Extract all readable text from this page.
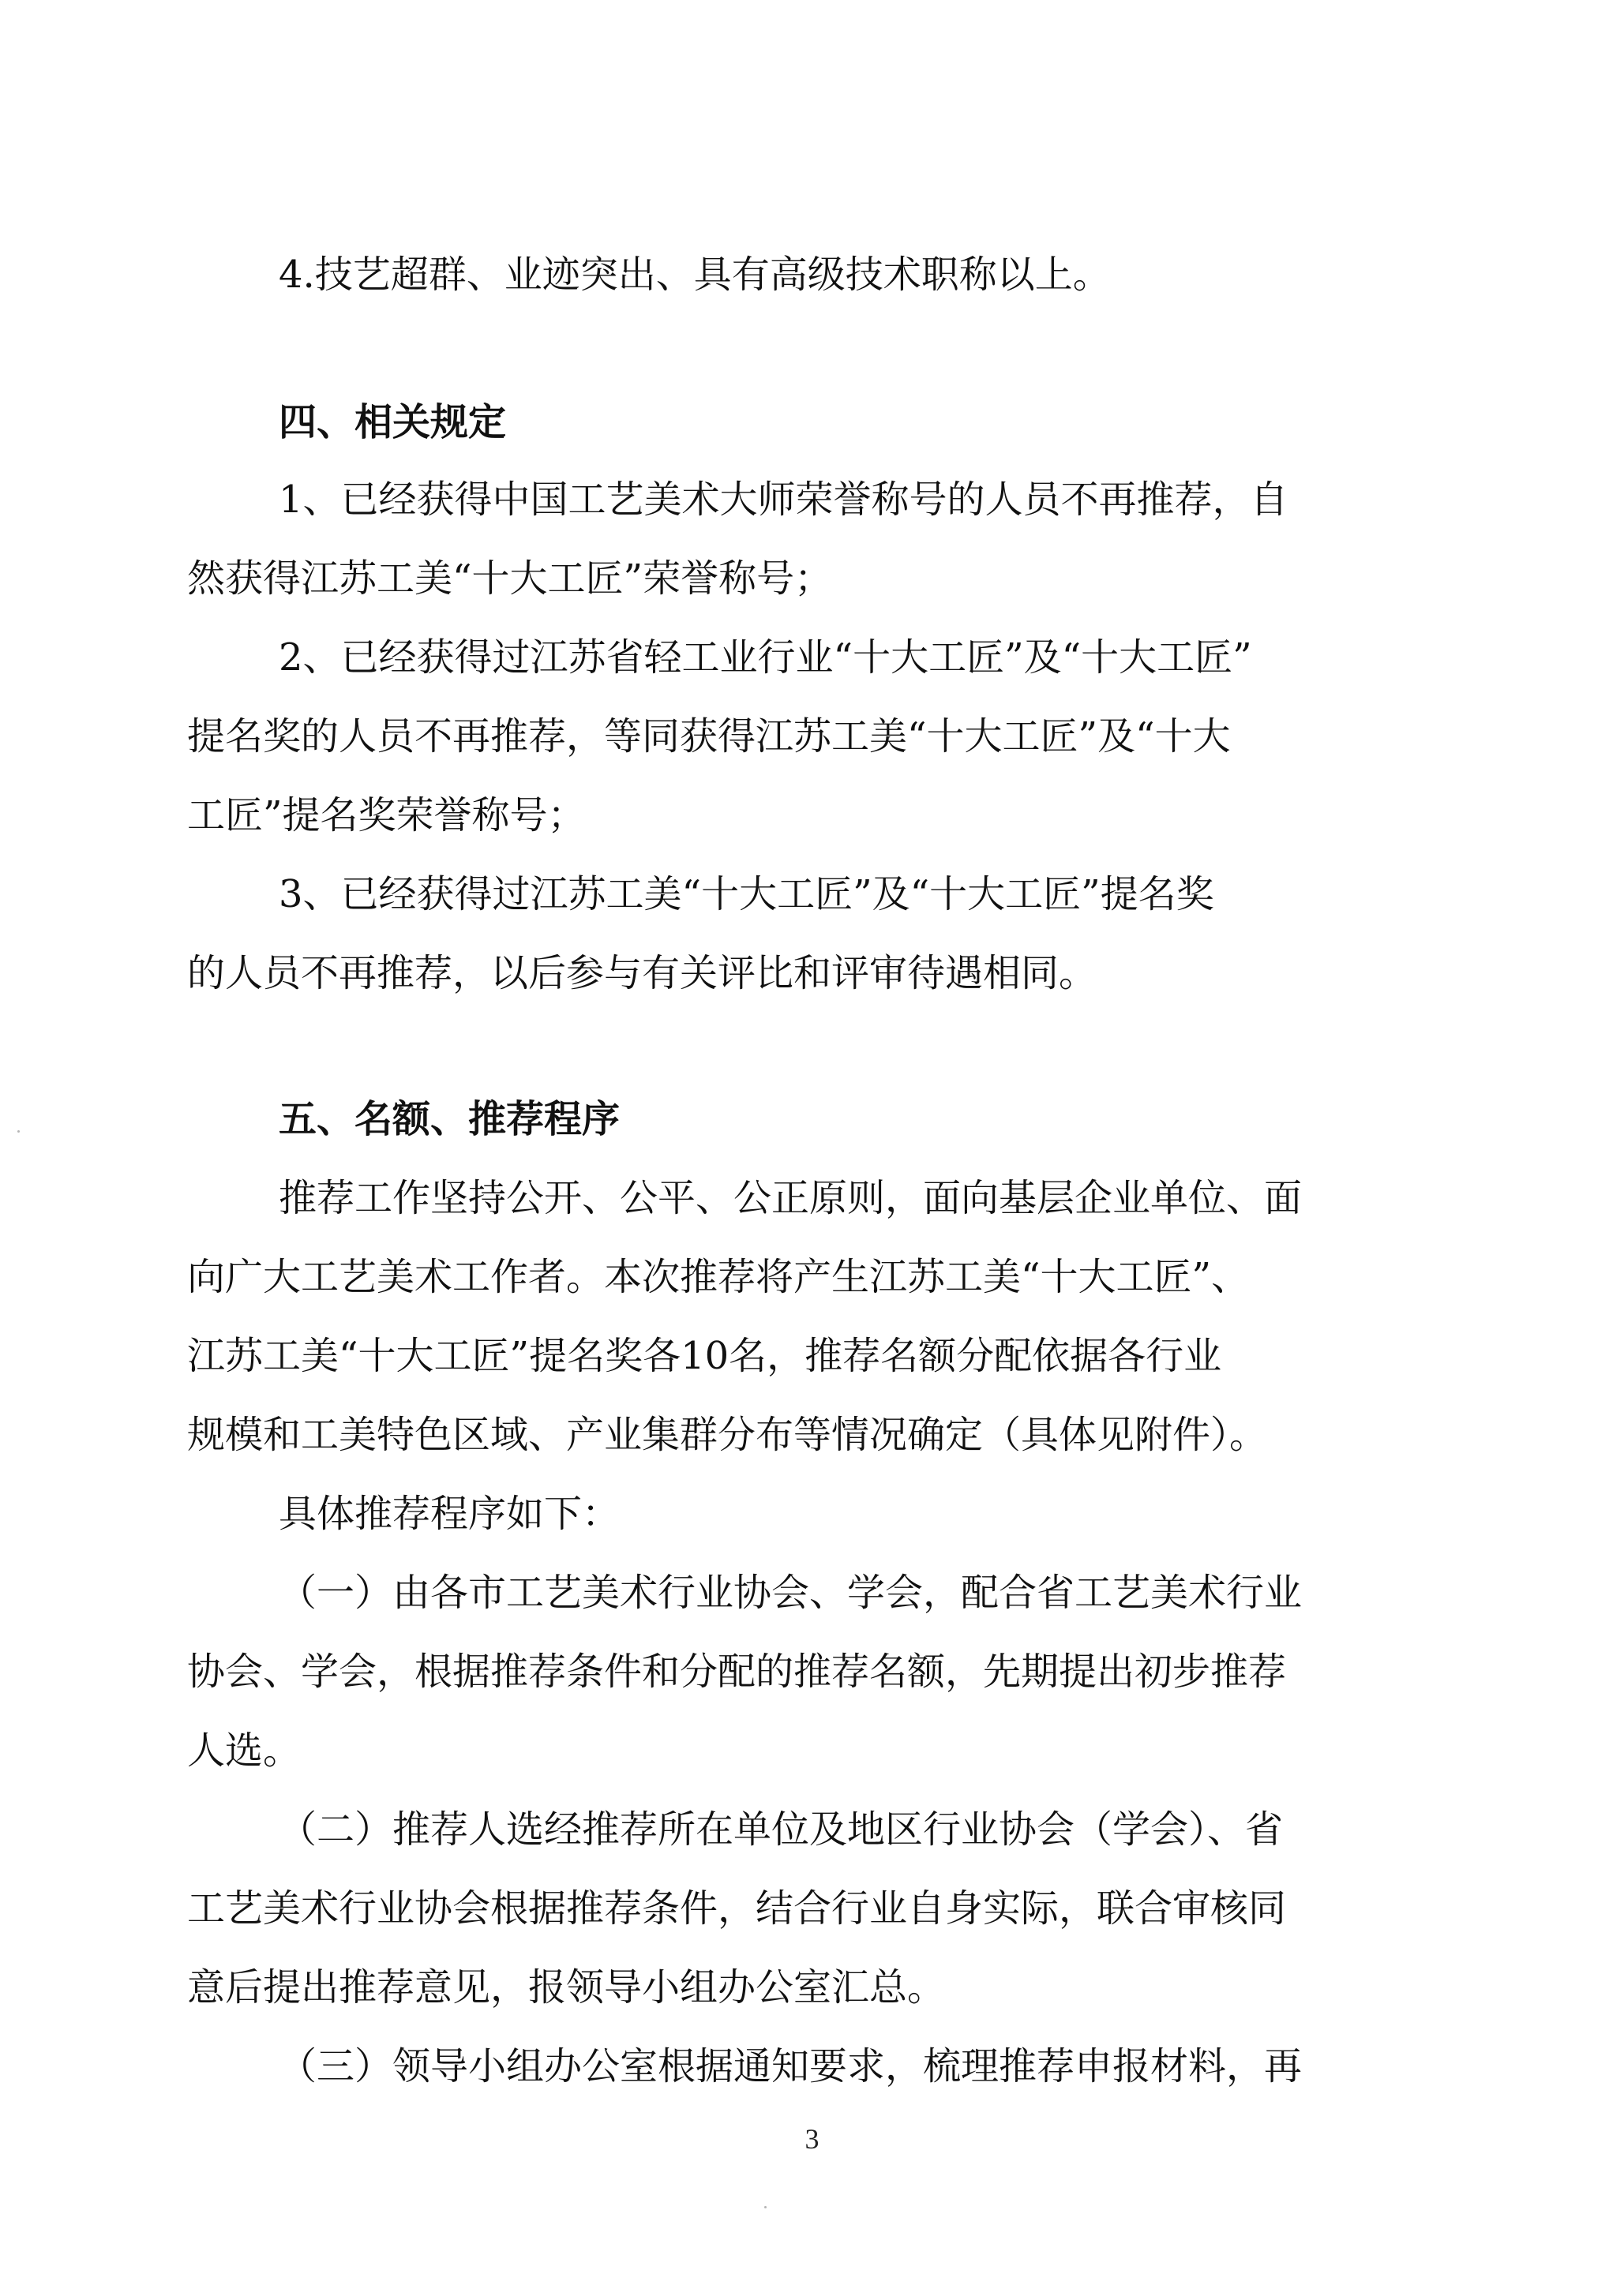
4.技艺超群、业迹突出、具有高级技术职称以上。

四、相关规定

1、已经获得中国工艺美术大师荣誉称号的人员不再推荐，自

然获得江苏工美“十大工匠”荣誉称号；

2、已经获得过江苏省轻工业行业“十大工匠”及“十大工匠”

提名奖的人员不再推荐，等同获得江苏工美“十大工匠”及“十大

工匠”提名奖荣誉称号；

3、已经获得过江苏工美“十大工匠”及“十大工匠”提名奖

的人员不再推荐，以后参与有关评比和评审待遇相同。

五、名额、推荐程序

推荐工作坚持公开、公平、公正原则，面向基层企业单位、面

向广大工艺美术工作者。本次推荐将产生江苏工美“十大工匠”、

江苏工美“十大工匠”提名奖各10名，推荐名额分配依据各行业

规模和工美特色区域、产业集群分布等情况确定（具体见附件）。

具体推荐程序如下：

（一）由各市工艺美术行业协会、学会，配合省工艺美术行业

协会、学会，根据推荐条件和分配的推荐名额，先期提出初步推荐

人选。

（二）推荐人选经推荐所在单位及地区行业协会（学会）、省

工艺美术行业协会根据推荐条件，结合行业自身实际，联合审核同

意后提出推荐意见，报领导小组办公室汇总。

（三）领导小组办公室根据通知要求，梳理推荐申报材料，再

3
